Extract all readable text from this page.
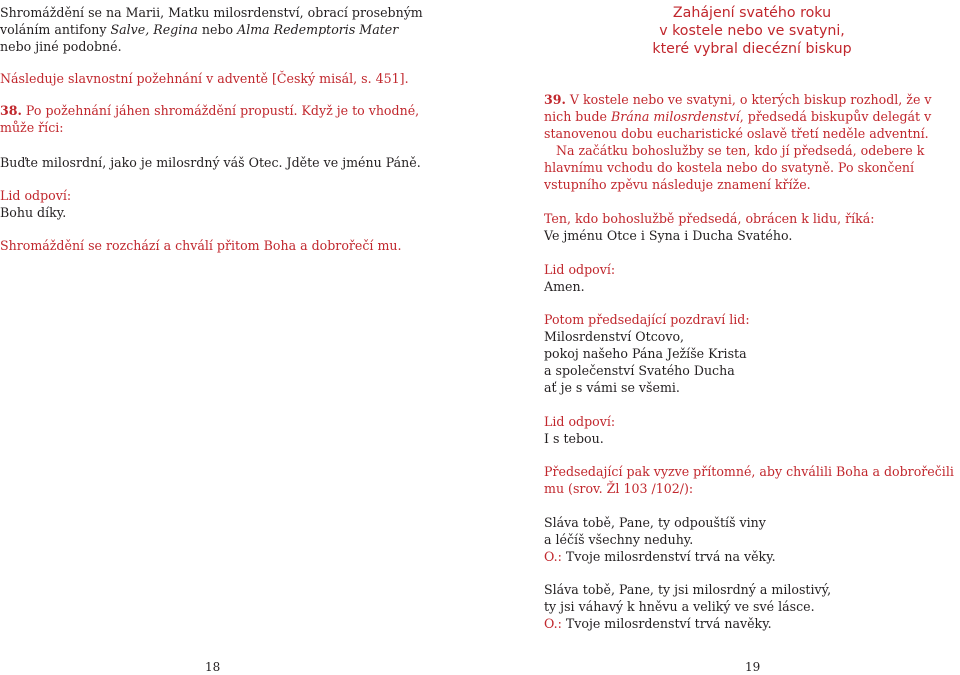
Shromáždění se na Marii, Matku milosrdenství, obrací prosebným voláním antifony Salve, Regina nebo Alma Redemptoris Mater nebo jiné podobné.

Následuje slavnostní požehnání v adventě [Český misál, s. 451].

38. Po požehnání jáhen shromáždění propustí. Když je to vhodné, může říci:

Buďte milosrdní, jako je milosrdný váš Otec. Jděte ve jménu Páně.

Lid odpoví:

Bohu díky.

Shromáždění se rozchází a chválí přitom Boha a dobrořečí mu.

18
Zahájení svatého roku
v kostele nebo ve svatyni,
které vybral diecézní biskup

39. V kostele nebo ve svatyni, o kterých biskup rozhodl, že v nich bude Brána milosrdenství, předsedá biskupův delegát v stanovenou dobu eucharistické oslavě třetí neděle adventní.

Na začátku bohoslužby se ten, kdo jí předsedá, odebere k hlavnímu vchodu do kostela nebo do svatyně. Po skončení vstupního zpěvu následuje znamení kříže.

Ten, kdo bohoslužbě předsedá, obrácen k lidu, říká:

Ve jménu Otce i Syna i Ducha Svatého.

Lid odpoví:

Amen.

Potom předsedající pozdraví lid:

Milosrdenství Otcovo,

pokoj našeho Pána Ježíše Krista

a společenství Svatého Ducha

ať je s vámi se všemi.

Lid odpoví:

I s tebou.

Předsedající pak vyzve přítomné, aby chválili Boha a dobrořečili mu (srov. Žl 103 /102/):

Sláva tobě, Pane, ty odpouštíš viny

a léčíš všechny neduhy.

O.: Tvoje milosrdenství trvá na věky.

Sláva tobě, Pane, ty jsi milosrdný a milostivý,

ty jsi váhavý k hněvu a veliký ve své lásce.

O.: Tvoje milosrdenství trvá navěky.

19
